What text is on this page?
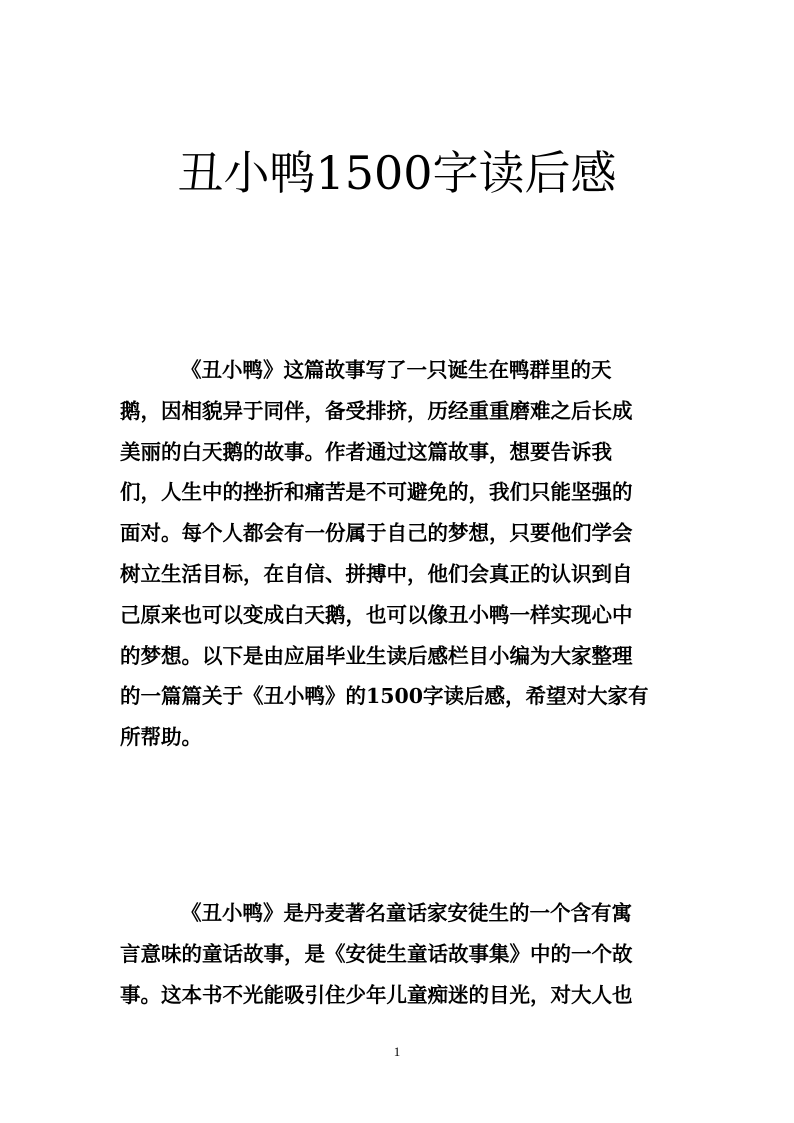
丑小鸭1500字读后感
《丑小鸭》这篇故事写了一只诞生在鸭群里的天
鹅，因相貌异于同伴，备受排挤，历经重重磨难之后长成
美丽的白天鹅的故事。作者通过这篇故事，想要告诉我
们，人生中的挫折和痛苦是不可避免的，我们只能坚强的
面对。每个人都会有一份属于自己的梦想，只要他们学会
树立生活目标，在自信、拼搏中，他们会真正的认识到自
己原来也可以变成白天鹅，也可以像丑小鸭一样实现心中
的梦想。以下是由应届毕业生读后感栏目小编为大家整理
的一篇篇关于《丑小鸭》的1500字读后感，希望对大家有
所帮助。
《丑小鸭》是丹麦著名童话家安徒生的一个含有寓
言意味的童话故事，是《安徒生童话故事集》中的一个故
事。这本书不光能吸引住少年儿童痴迷的目光，对大人也
1
